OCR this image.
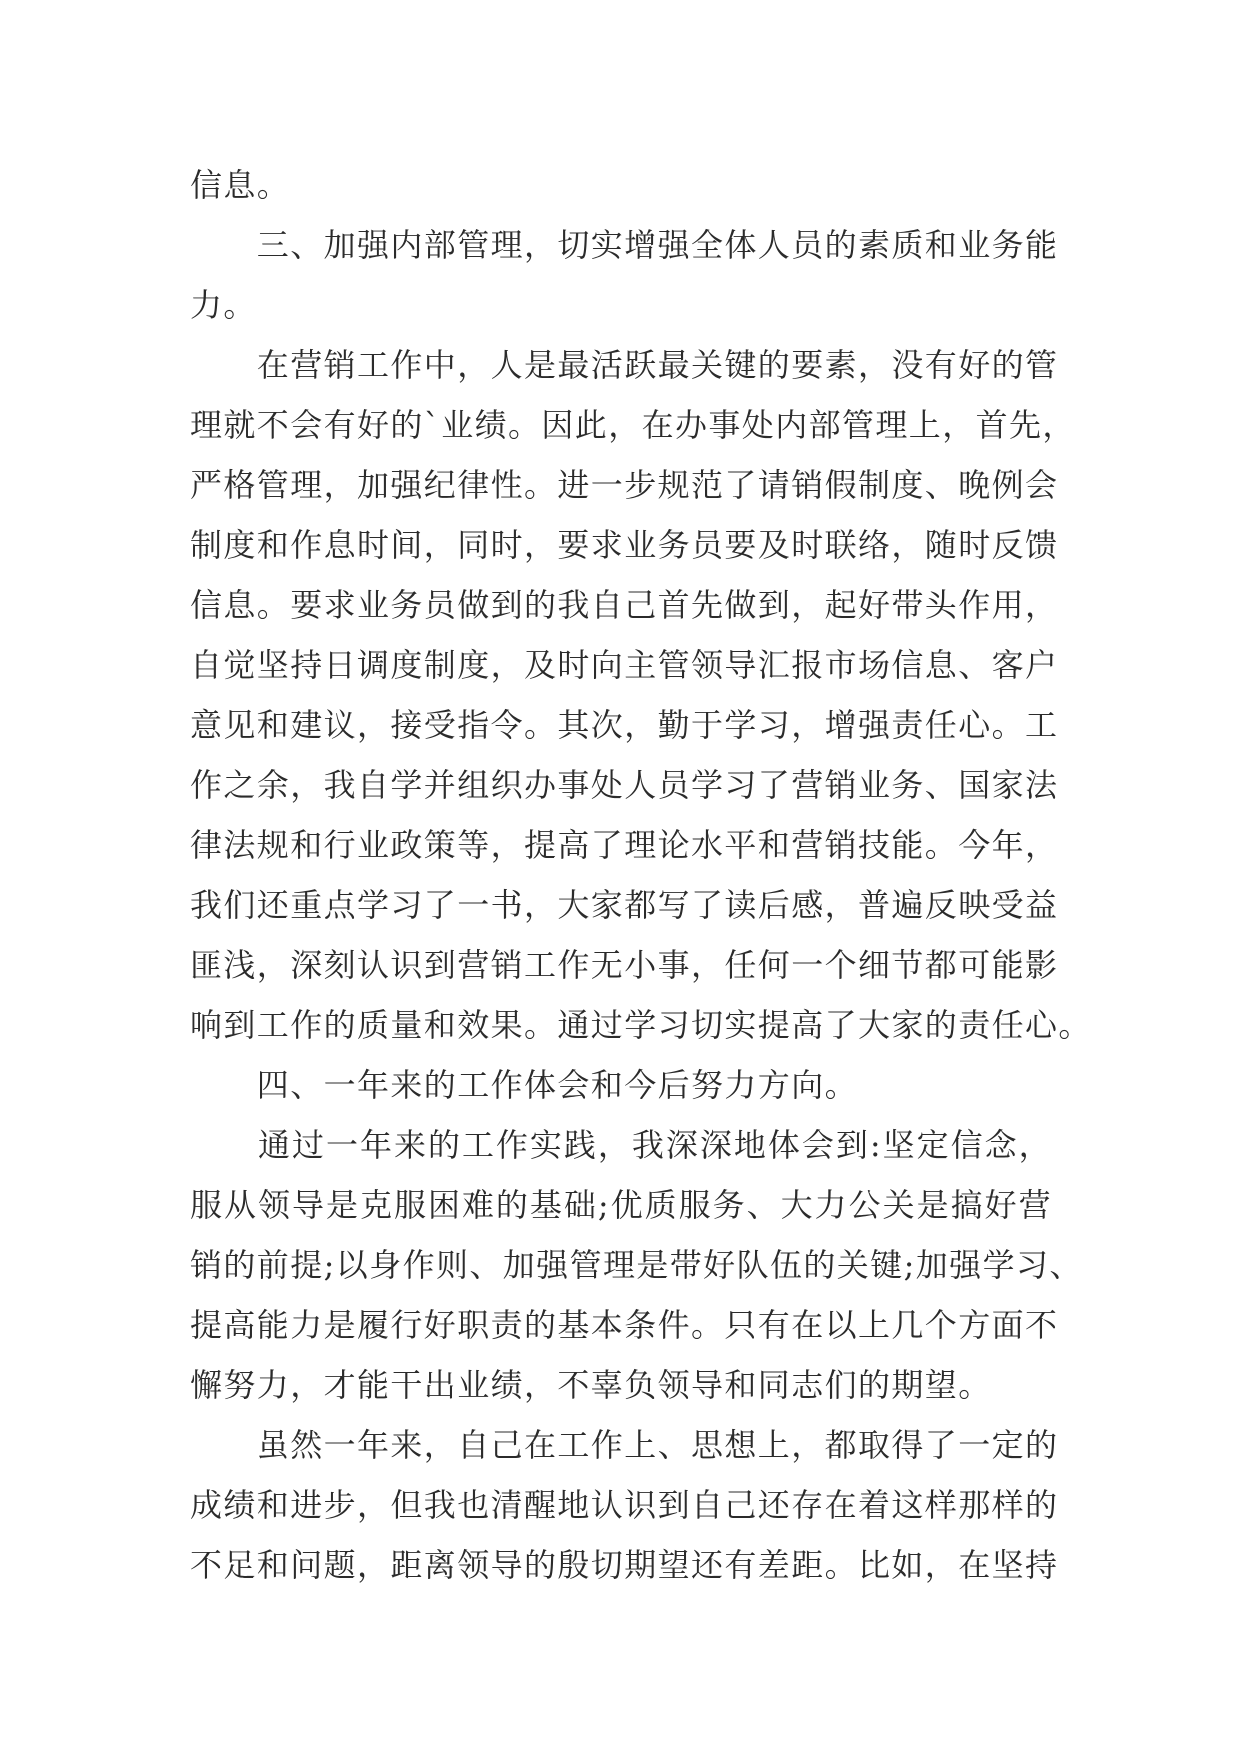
信息。
　　三、加强内部管理，切实增强全体人员的素质和业务能
力。
　　在营销工作中，人是最活跃最关键的要素，没有好的管
理就不会有好的`业绩。因此，在办事处内部管理上，首先，
严格管理，加强纪律性。进一步规范了请销假制度、晚例会
制度和作息时间，同时，要求业务员要及时联络，随时反馈
信息。要求业务员做到的我自己首先做到，起好带头作用，
自觉坚持日调度制度，及时向主管领导汇报市场信息、客户
意见和建议，接受指令。其次，勤于学习，增强责任心。工
作之余，我自学并组织办事处人员学习了营销业务、国家法
律法规和行业政策等，提高了理论水平和营销技能。今年，
我们还重点学习了一书，大家都写了读后感，普遍反映受益
匪浅，深刻认识到营销工作无小事，任何一个细节都可能影
响到工作的质量和效果。通过学习切实提高了大家的责任心。
　　四、一年来的工作体会和今后努力方向。
　　通过一年来的工作实践，我深深地体会到:坚定信念，
服从领导是克服困难的基础;优质服务、大力公关是搞好营
销的前提;以身作则、加强管理是带好队伍的关键;加强学习、
提高能力是履行好职责的基本条件。只有在以上几个方面不
懈努力，才能干出业绩，不辜负领导和同志们的期望。
　　虽然一年来，自己在工作上、思想上，都取得了一定的
成绩和进步，但我也清醒地认识到自己还存在着这样那样的
不足和问题，距离领导的殷切期望还有差距。比如，在坚持
